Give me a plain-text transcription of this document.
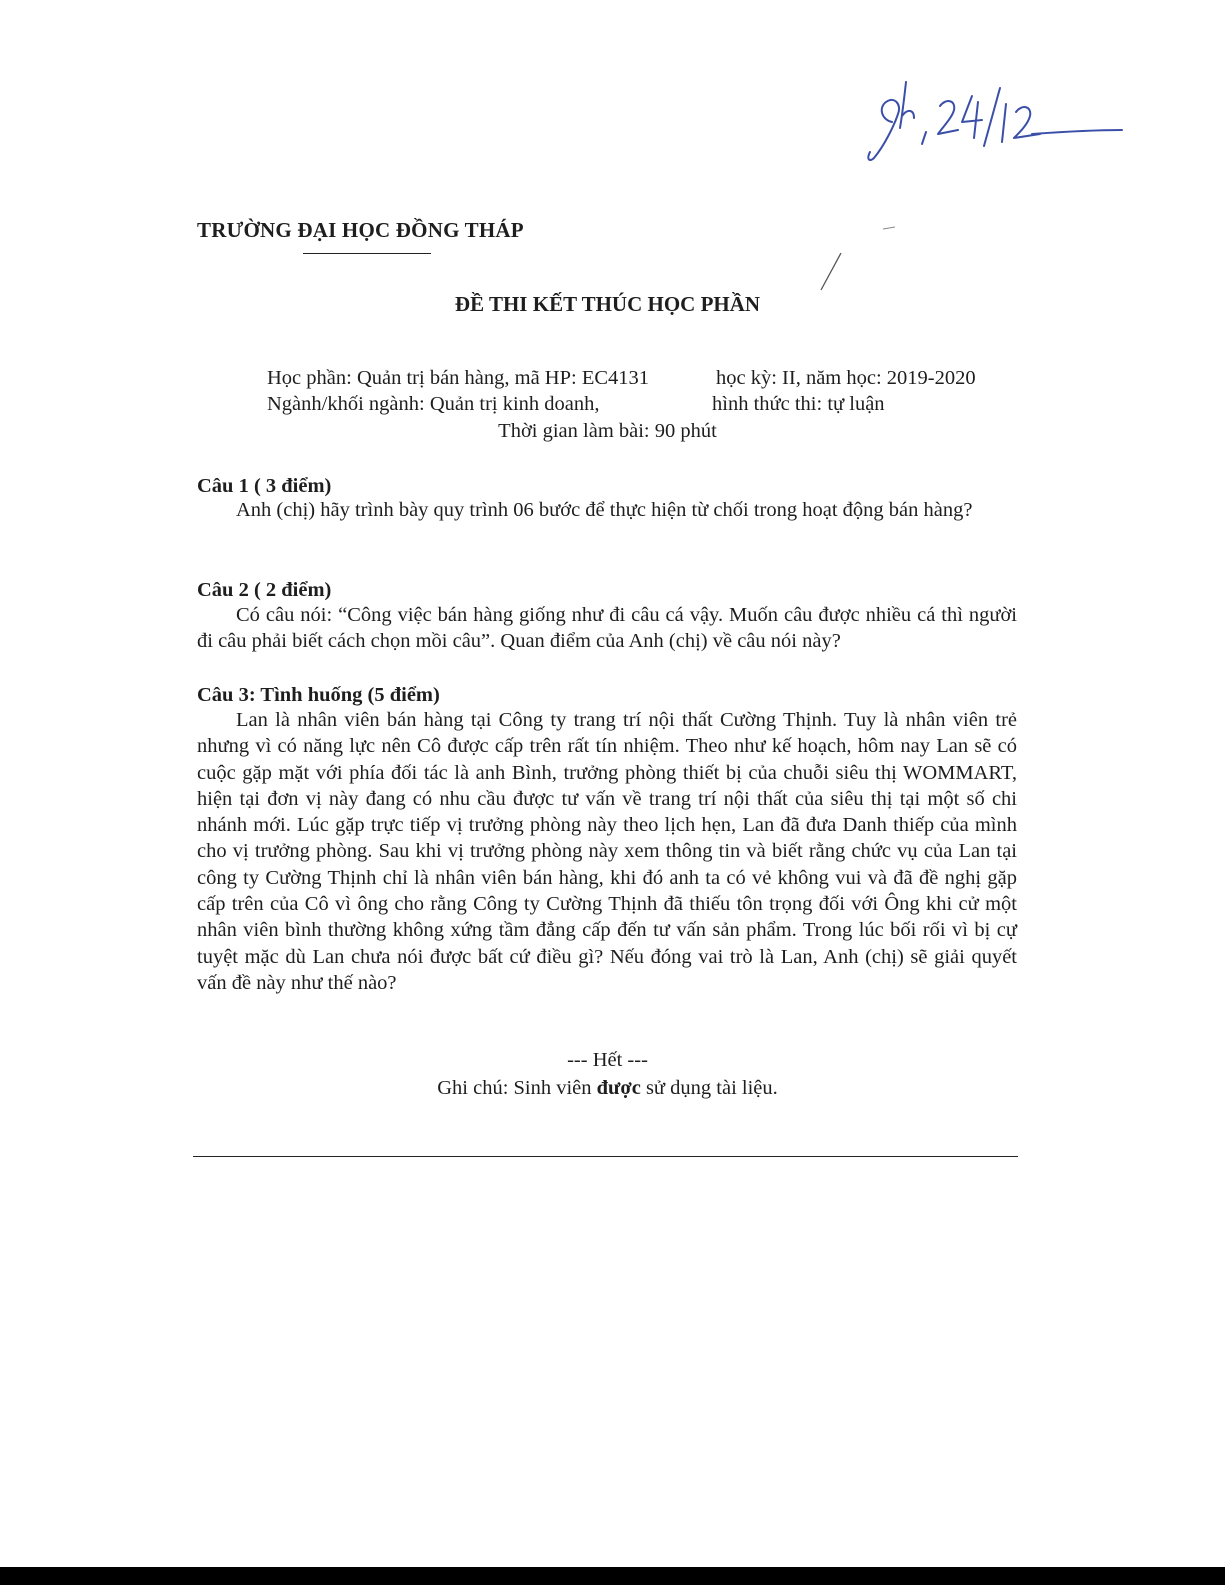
TRƯỜNG ĐẠI HỌC ĐỒNG THÁP
ĐỀ THI KẾT THÚC HỌC PHẦN
Học phần: Quản trị bán hàng, mã HP: EC4131	học kỳ: II, năm học: 2019-2020
Ngành/khối ngành: Quản trị kinh doanh,	hình thức thi: tự luận
Thời gian làm bài: 90 phút
Câu 1 ( 3 điểm)

Anh (chị) hãy trình bày quy trình 06 bước để thực hiện từ chối trong hoạt động bán hàng?

Câu 2 ( 2 điểm)

Có câu nói: “Công việc bán hàng giống như đi câu cá vậy. Muốn câu được nhiều cá thì người đi câu phải biết cách chọn mồi câu”. Quan điểm của Anh (chị) về câu nói này?

Câu 3: Tình huống (5 điểm)

Lan là nhân viên bán hàng tại Công ty trang trí nội thất Cường Thịnh. Tuy là nhân viên trẻ nhưng vì có năng lực nên Cô được cấp trên rất tín nhiệm. Theo như kế hoạch, hôm nay Lan sẽ có cuộc gặp mặt với phía đối tác là anh Bình, trưởng phòng thiết bị của chuỗi siêu thị WOMMART, hiện tại đơn vị này đang có nhu cầu được tư vấn về trang trí nội thất của siêu thị tại một số chi nhánh mới. Lúc gặp trực tiếp vị trưởng phòng này theo lịch hẹn, Lan đã đưa Danh thiếp của mình cho vị trưởng phòng. Sau khi vị trưởng phòng này xem thông tin và biết rằng chức vụ của Lan tại công ty Cường Thịnh chỉ là nhân viên bán hàng, khi đó anh ta có vẻ không vui và đã đề nghị gặp cấp trên của Cô vì ông cho rằng Công ty Cường Thịnh đã thiếu tôn trọng đối với Ông khi cử một nhân viên bình thường không xứng tầm đẳng cấp đến tư vấn sản phẩm. Trong lúc bối rối vì bị cự tuyệt mặc dù Lan chưa nói được bất cứ điều gì? Nếu đóng vai trò là Lan, Anh (chị) sẽ giải quyết vấn đề này như thế nào?

--- Hết ---
Ghi chú: Sinh viên được sử dụng tài liệu.
